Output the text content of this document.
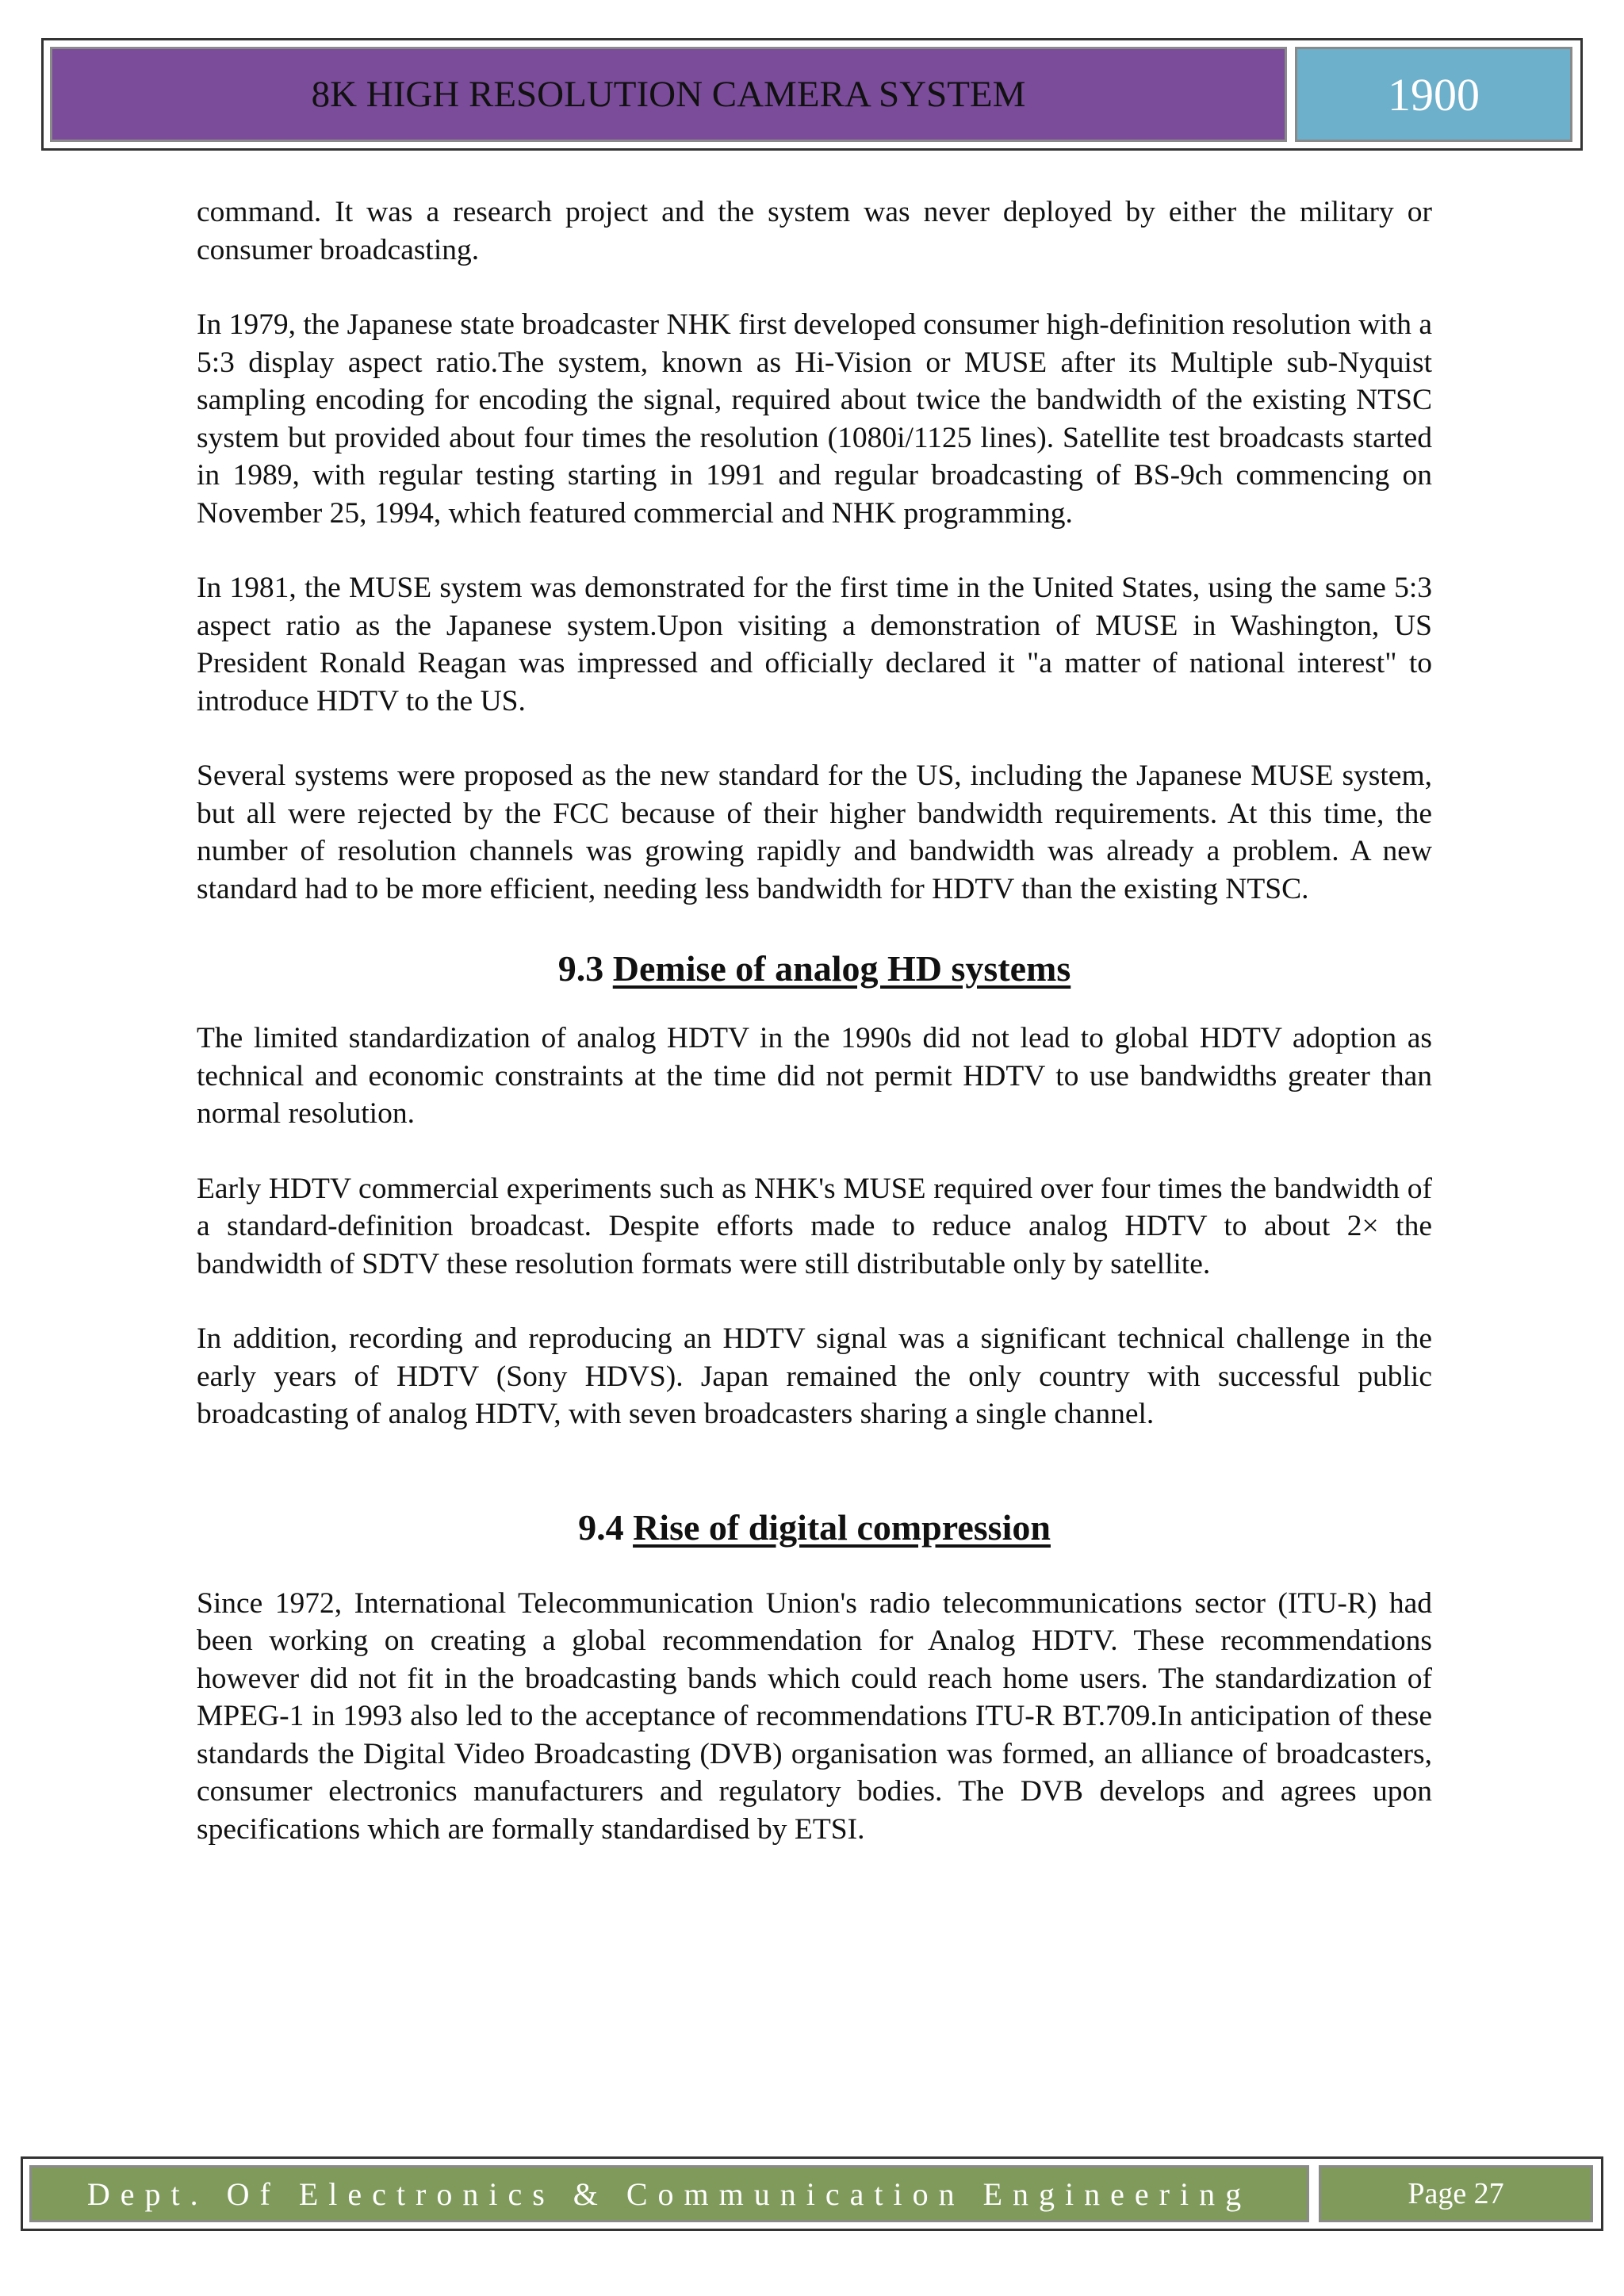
8K HIGH RESOLUTION CAMERA SYSTEM	1900

command. It was a research project and the system was never deployed by either the military or consumer broadcasting.

In 1979, the Japanese state broadcaster NHK first developed consumer high-definition resolution with a 5:3 display aspect ratio.The system, known as Hi-Vision or MUSE after its Multiple sub-Nyquist sampling encoding for encoding the signal, required about twice the bandwidth of the existing NTSC system but provided about four times the resolution (1080i/1125 lines). Satellite test broadcasts started in 1989, with regular testing starting in 1991 and regular broadcasting of BS-9ch commencing on November 25, 1994, which featured commercial and NHK programming.

In 1981, the MUSE system was demonstrated for the first time in the United States, using the same 5:3 aspect ratio as the Japanese system.Upon visiting a demonstration of MUSE in Washington, US President Ronald Reagan was impressed and officially declared it "a matter of national interest" to introduce HDTV to the US.

Several systems were proposed as the new standard for the US, including the Japanese MUSE system, but all were rejected by the FCC because of their higher bandwidth requirements. At this time, the number of resolution channels was growing rapidly and bandwidth was already a problem. A new standard had to be more efficient, needing less bandwidth for HDTV than the existing NTSC.

9.3 Demise of analog HD systems

The limited standardization of analog HDTV in the 1990s did not lead to global HDTV adoption as technical and economic constraints at the time did not permit HDTV to use bandwidths greater than normal resolution.

Early HDTV commercial experiments such as NHK's MUSE required over four times the bandwidth of a standard-definition broadcast. Despite efforts made to reduce analog HDTV to about 2× the bandwidth of SDTV these resolution formats were still distributable only by satellite.

In addition, recording and reproducing an HDTV signal was a significant technical challenge in the early years of HDTV (Sony HDVS). Japan remained the only country with successful public broadcasting of analog HDTV, with seven broadcasters sharing a single channel.

9.4 Rise of digital compression

Since 1972, International Telecommunication Union's radio telecommunications sector (ITU-R) had been working on creating a global recommendation for Analog HDTV. These recommendations however did not fit in the broadcasting bands which could reach home users. The standardization of MPEG-1 in 1993 also led to the acceptance of recommendations ITU-R BT.709.In anticipation of these standards the Digital Video Broadcasting (DVB) organisation was formed, an alliance of broadcasters, consumer electronics manufacturers and regulatory bodies. The DVB develops and agrees upon specifications which are formally standardised by ETSI.

Dept. Of Electronics & Communication Engineering	Page 27
